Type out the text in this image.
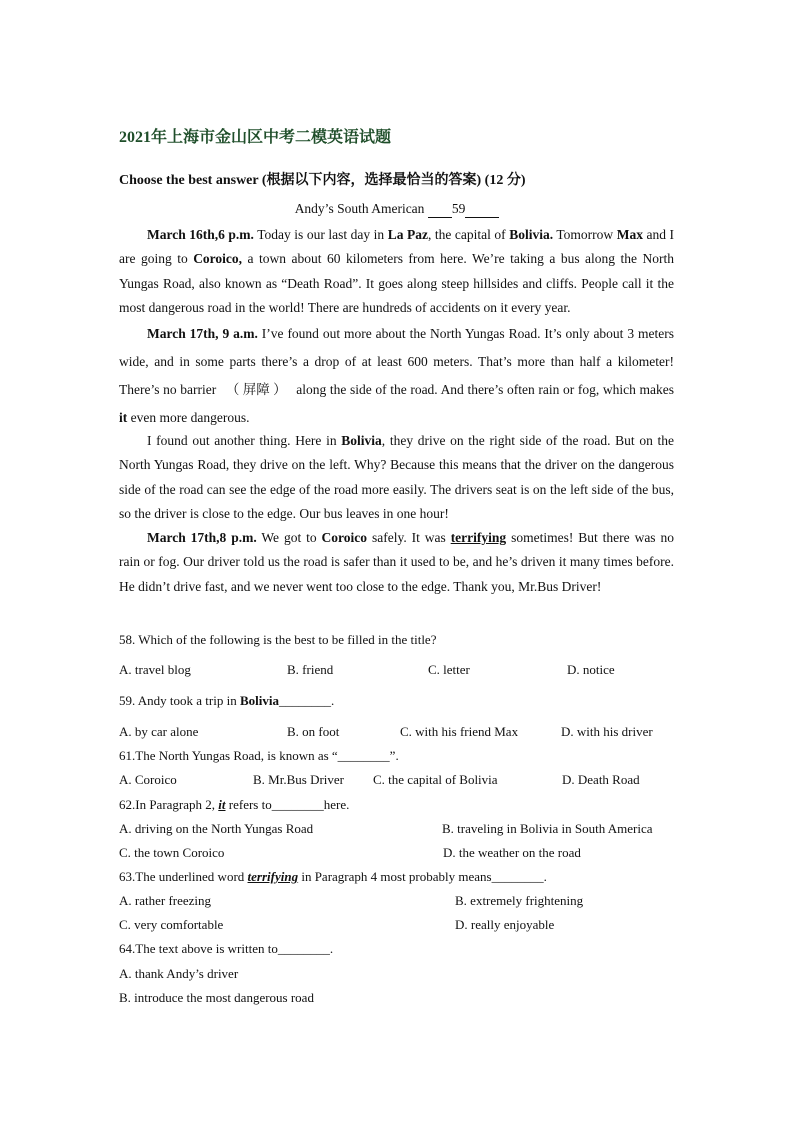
2021年上海市金山区中考二模英语试题
Choose the best answer (根据以下内容，选择最恰当的答案) (12 分)
Andy’s South American 59
March 16th,6 p.m. Today is our last day in La Paz, the capital of Bolivia. Tomorrow Max and I are going to Coroico, a town about 60 kilometers from here. We’re taking a bus along the North Yungas Road, also known as “Death Road”. It goes along steep hillsides and cliffs. People call it the most dangerous road in the world! There are hundreds of accidents on it every year.
March 17th, 9 a.m. I’ve found out more about the North Yungas Road. It’s only about 3 meters wide, and in some parts there’s a drop of at least 600 meters. That’s more than half a kilometer! There’s no barrier （ 屏障 ） along the side of the road. And there’s often rain or fog, which makes it even more dangerous.
I found out another thing. Here in Bolivia, they drive on the right side of the road. But on the North Yungas Road, they drive on the left. Why? Because this means that the driver on the dangerous side of the road can see the edge of the road more easily. The drivers seat is on the left side of the bus, so the driver is close to the edge. Our bus leaves in one hour!
March 17th,8 p.m. We got to Coroico safely. It was terrifying sometimes! But there was no rain or fog. Our driver told us the road is safer than it used to be, and he’s driven it many times before. He didn’t drive fast, and we never went too close to the edge. Thank you, Mr.Bus Driver!
58. Which of the following is the best to be filled in the title?
A. travel blog	B. friend	C. letter	D. notice
59. Andy took a trip in Bolivia________.
A. by car alone	B. on foot	C. with his friend Max	D. with his driver
61.The North Yungas Road, is known as “________”.
A. Coroico	B. Mr.Bus Driver C. the capital of Bolivia	D. Death Road
62.In Paragraph 2, it refers to________here.
A. driving on the North Yungas Road	B. traveling in Bolivia in South America
C. the town Coroico	D. the weather on the road
63.The underlined word terrifying in Paragraph 4 most probably means________.
A. rather freezing	B. extremely frightening
C. very comfortable	D. really enjoyable
64.The text above is written to________.
A. thank Andy’s driver
B. introduce the most dangerous road
